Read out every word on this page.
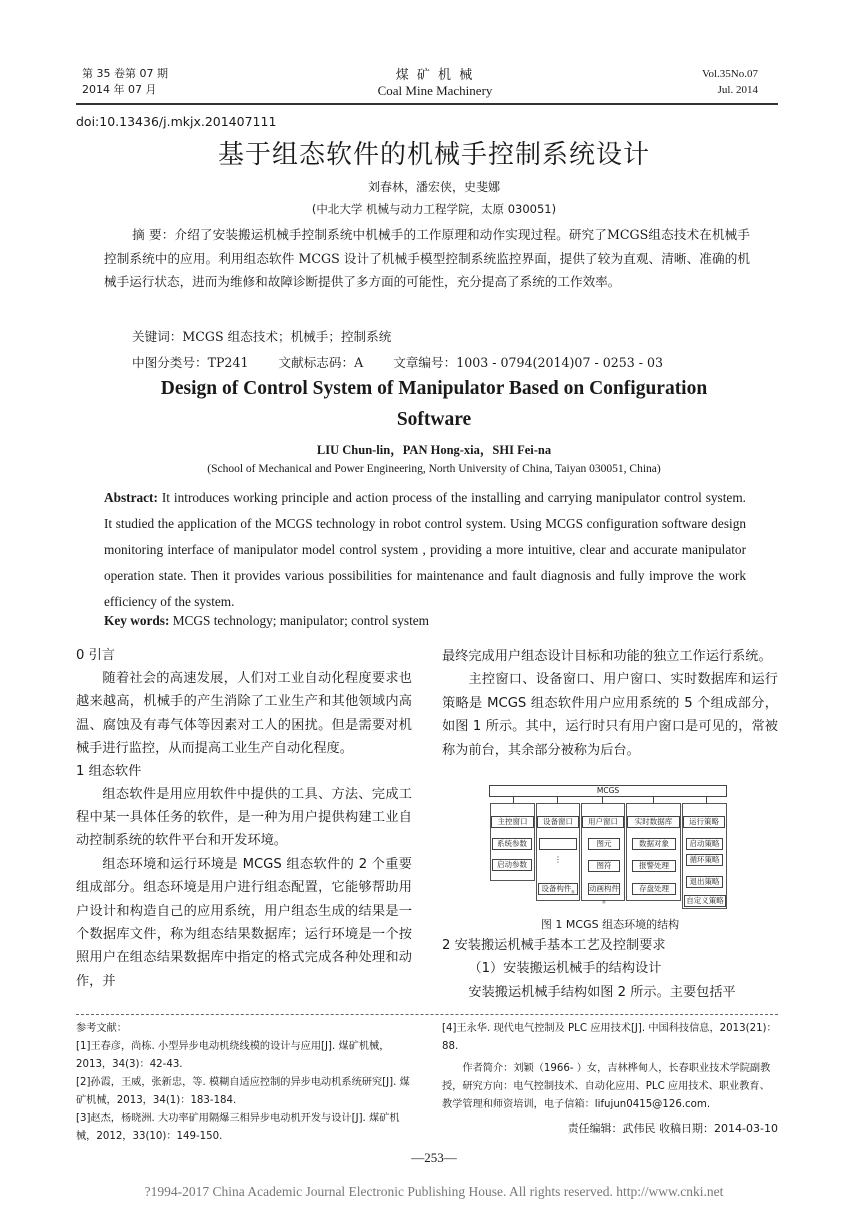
第 35 卷第 07 期
2014 年 07 月
煤 矿 机 械
Coal Mine Machinery
Vol.35No.07
Jul. 2014
doi:10.13436/j.mkjx.201407111
基于组态软件的机械手控制系统设计
刘春林，潘宏侠，史斐娜
(中北大学 机械与动力工程学院，太原 030051)
摘 要：介绍了安装搬运机械手控制系统中机械手的工作原理和动作实现过程。研究了MCGS组态技术在机械手控制系统中的应用。利用组态软件 MCGS 设计了机械手模型控制系统监控界面，提供了较为直观、清晰、准确的机械手运行状态，进而为维修和故障诊断提供了多方面的可能性，充分提高了系统的工作效率。
关键词：MCGS 组态技术；机械手；控制系统
中图分类号：TP241 文献标志码：A 文章编号：1003 - 0794(2014)07 - 0253 - 03
Design of Control System of Manipulator Based on Configuration
Software
LIU Chun-lin，PAN Hong-xia，SHI Fei-na
(School of Mechanical and Power Engineering, North University of China, Taiyan 030051, China)
Abstract: It introduces working principle and action process of the installing and carrying manipulator control system. It studied the application of the MCGS technology in robot control system. Using MCGS configuration software design monitoring interface of manipulator model control system , providing a more intuitive, clear and accurate manipulator operation state. Then it provides various possibilities for maintenance and fault diagnosis and fully improve the work efficiency of the system.
Key words: MCGS technology; manipulator; control system
0 引言
随着社会的高速发展，人们对工业自动化程度要求也越来越高，机械手的产生消除了工业生产和其他领域内高温、腐蚀及有毒气体等因素对工人的困扰。但是需要对机械手进行监控，从而提高工业生产自动化程度。
1 组态软件
组态软件是用应用软件中提供的工具、方法、完成工程中某一具体任务的软件，是一种为用户提供构建工业自动控制系统的软件平台和开发环境。
组态环境和运行环境是 MCGS 组态软件的 2 个重要组成部分。组态环境是用户进行组态配置，它能够帮助用户设计和构造自己的应用系统，用户组态生成的结果是一个数据库文件，称为组态结果数据库；运行环境是一个按照用户在组态结果数据库中指定的格式完成各种处理和动作，并
最终完成用户组态设计目标和功能的独立工作运行系统。
主控窗口、设备窗口、用户窗口、实时数据库和运行策略是 MCGS 组态软件用户应用系统的 5 个组成部分，如图 1 所示。其中，运行时只有用户窗口是可见的，常被称为前台，其余部分被称为后台。
MCGS
主控窗口
系统参数
启动参数
设备窗口
⋮
设备构件$_n$
用户窗口
图元
图符
动画构件$_n$
实时数据库
数据对象
报警处理
存盘处理
运行策略
启动策略
循环策略
退出策略
自定义策略
图 1 MCGS 组态环境的结构
2 安装搬运机械手基本工艺及控制要求
（1）安装搬运机械手的结构设计
安装搬运机械手结构如图 2 所示。主要包括平
参考文献：
[1]王春彦，尚栋. 小型异步电动机绕线模的设计与应用[J]. 煤矿机械，2013，34(3)：42-43.
[2]孙霞，王威，张新忠，等. 模糊自适应控制的异步电动机系统研究[J]. 煤矿机械，2013，34(1)：183-184.
[3]赵杰，杨晓洲. 大功率矿用隔爆三相异步电动机开发与设计[J]. 煤矿机械，2012，33(10)：149-150.
[4]王永华. 现代电气控制及 PLC 应用技术[J]. 中国科技信息，2013(21)：88.
作者简介：刘颖（1966- ）女，吉林桦甸人，长春职业技术学院副教授，研究方向：电气控制技术、自动化应用、PLC 应用技术、职业教育、教学管理和师资培训，电子信箱：lifujun0415@126.com.
责任编辑：武伟民 收稿日期：2014-03-10
—253—
?1994-2017 China Academic Journal Electronic Publishing House. All rights reserved. http://www.cnki.net
